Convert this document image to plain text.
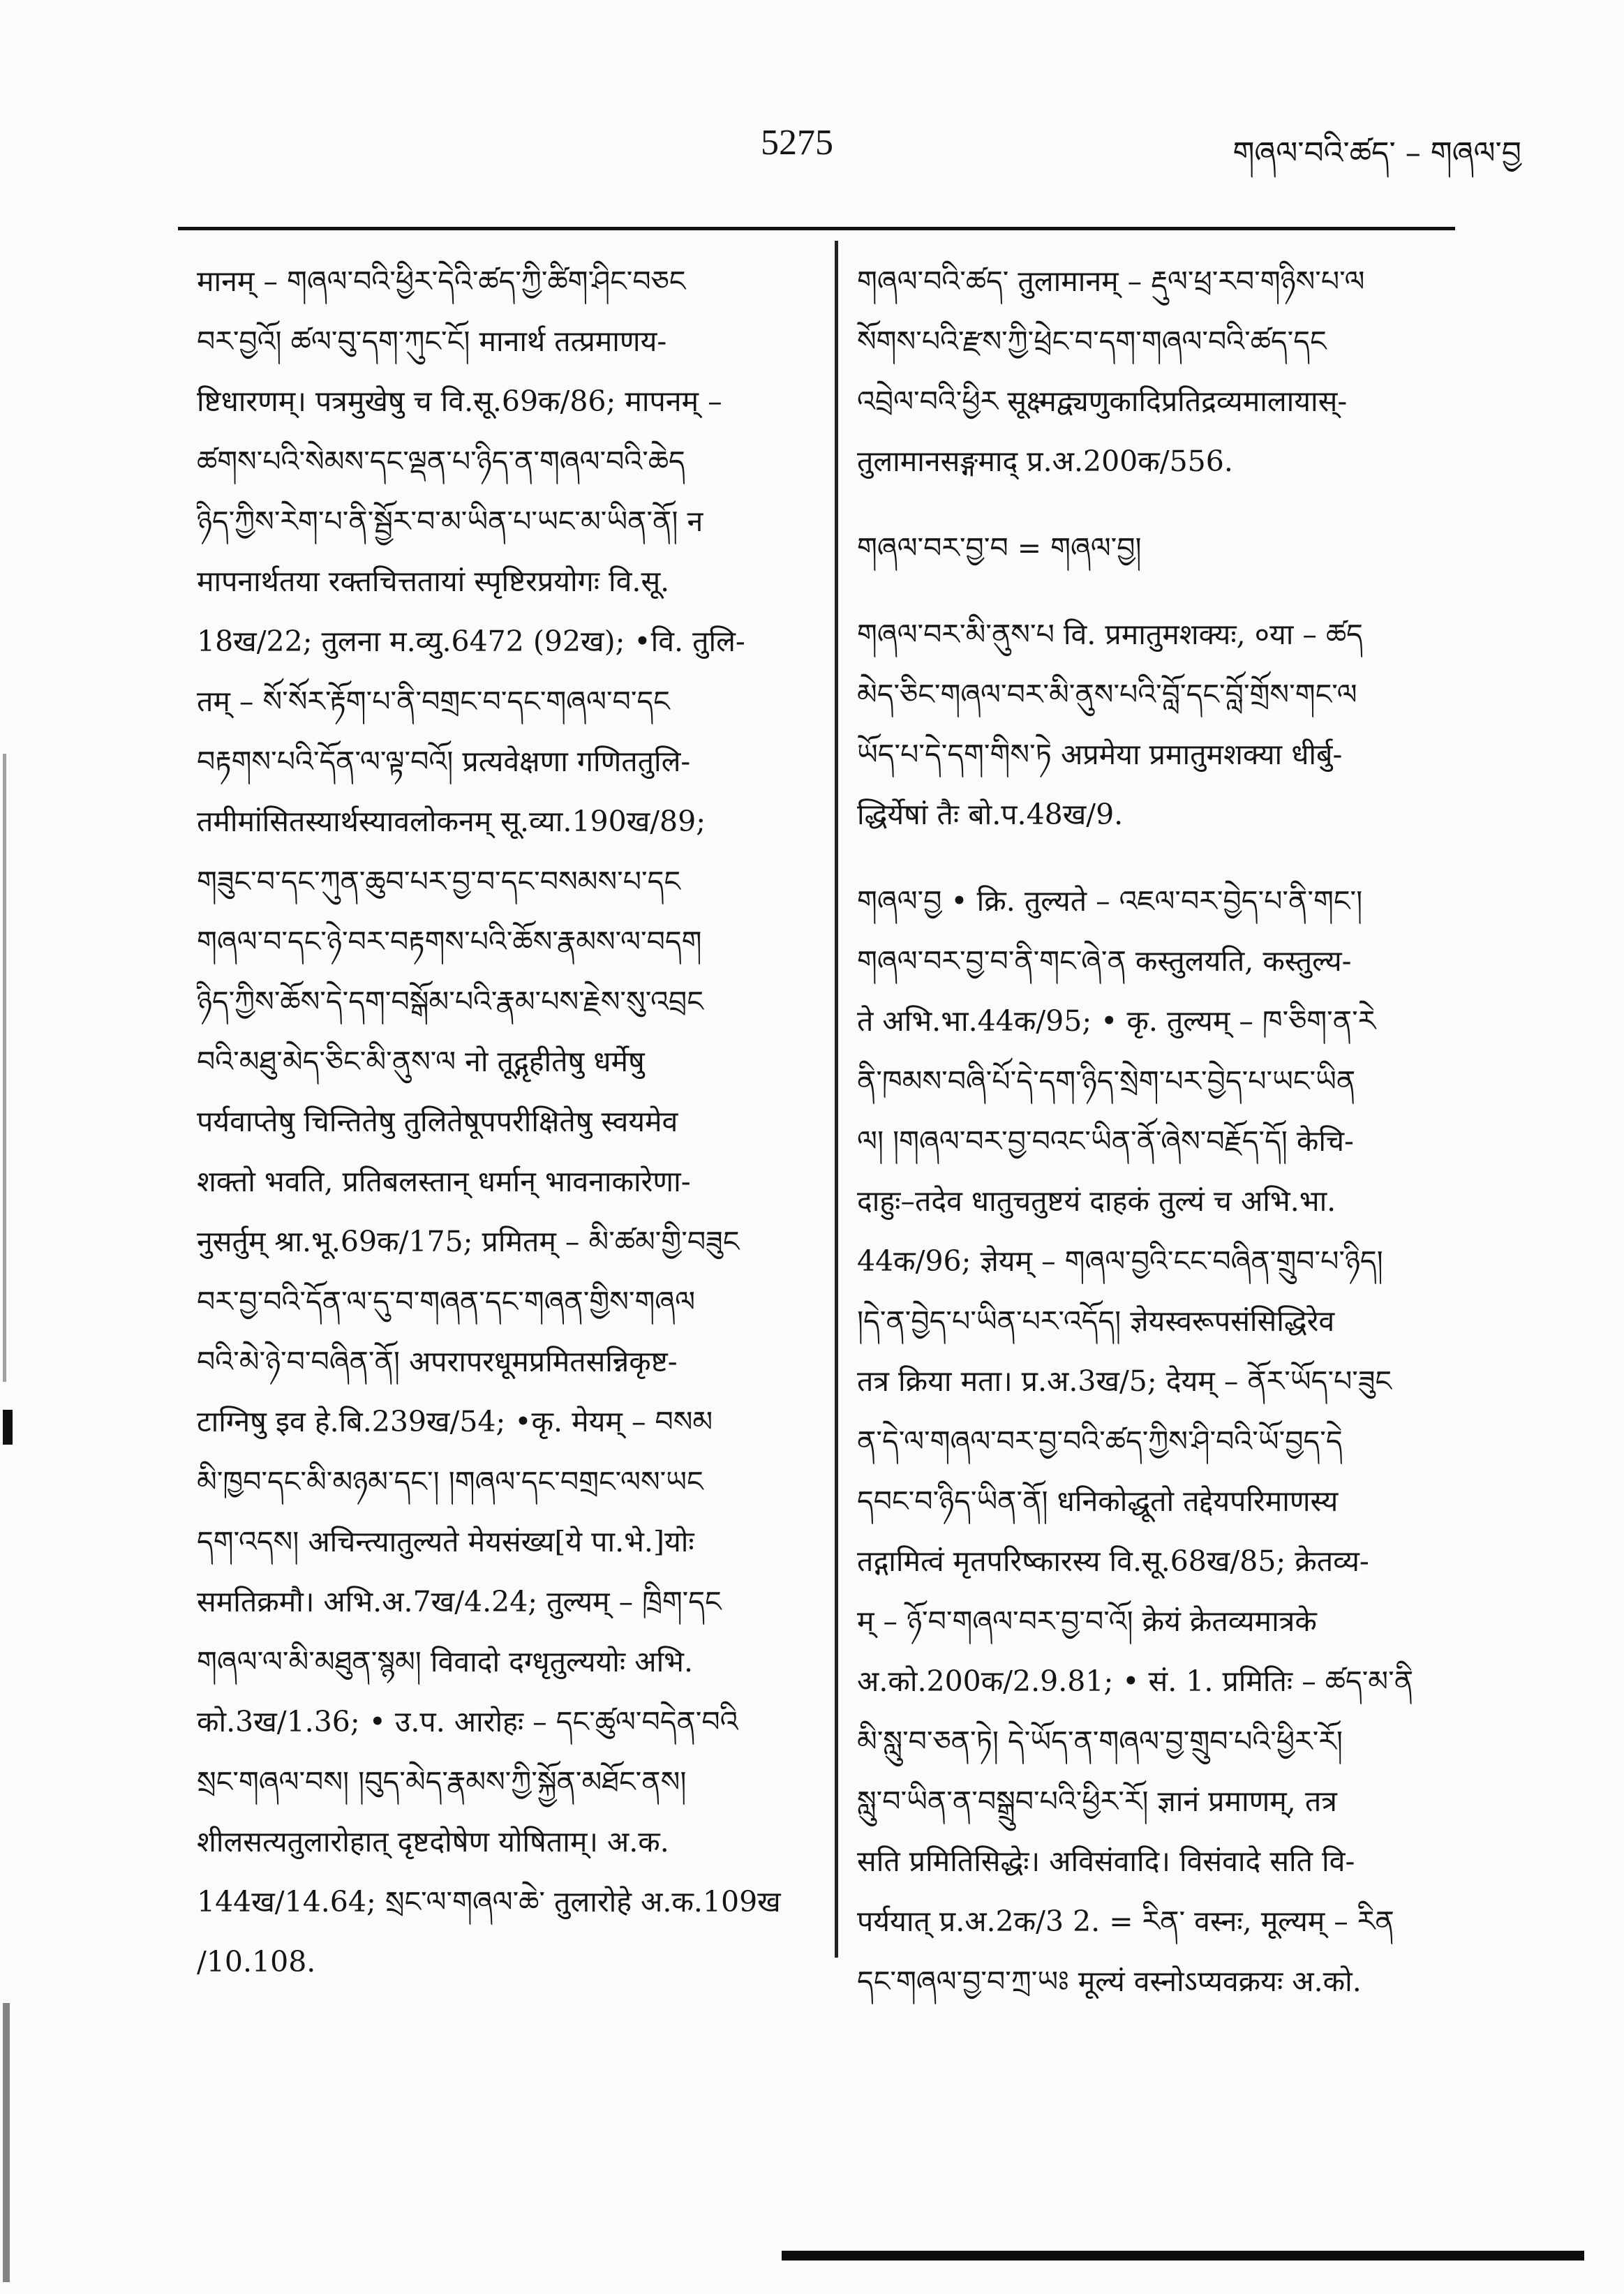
5275	གཞལ་བའི་ཚད་ – གཞལ་བྱ
मानम् – གཞལ་བའི་ཕྱིར་དེའི་ཚད་ཀྱི་ཚིག་ཤིང་བཅང
བར་བྱའོ། ཚལ་བུ་དག་ཀུང་ངོ། मानार्थ तत्प्रमाणय-
ष्टिधारणम्। पत्रमुखेषु च वि.सू.69क/86; मापनम् –
ཚགས་པའི་སེམས་དང་ལྡན་པ་ཉིད་ན་གཞལ་བའི་ཆེད
ཉིད་ཀྱིས་རེག་པ་ནི་སྦྱོར་བ་མ་ཡིན་པ་ཡང་མ་ཡིན་ནོ། न
मापनार्थतया रक्तचित्ततायां स्पृष्टिरप्रयोगः वि.सू.
18ख/22; तुलना म.व्यु.6472 (92ख); •वि. तुलि-
तम् – སོ་སོར་རྟོག་པ་ནི་བགྲང་བ་དང་གཞལ་བ་དང
བརྟགས་པའི་དོན་ལ་ལྟ་བའོ། प्रत्यवेक्षणा गणिततुलि-
तमीमांसितस्यार्थस्यावलोकनम् सू.व्या.190ख/89;
གཟུང་བ་དང་ཀུན་ཆུབ་པར་བྱ་བ་དང་བསམས་པ་དང
གཞལ་བ་དང་ཉེ་བར་བརྟགས་པའི་ཆོས་རྣམས་ལ་བདག
ཉིད་ཀྱིས་ཆོས་དེ་དག་བསྒོམ་པའི་རྣམ་པས་རྗེས་སུ་འབྲང
བའི་མཐུ་མེད་ཅིང་མི་ནུས་ལ नो तूद्गृहीतेषु धर्मेषु
पर्यवाप्तेषु चिन्तितेषु तुलितेषूपपरीक्षितेषु स्वयमेव
शक्तो भवति, प्रतिबलस्तान् धर्मान् भावनाकारेणा-
नुसर्तुम् श्रा.भू.69क/175; प्रमितम् – མི་ཚམ་གྱི་བཟུང
བར་བྱ་བའི་དོན་ལ་དུ་བ་གཞན་དང་གཞན་གྱིས་གཞལ
བའི་མེ་ཉེ་བ་བཞིན་ནོ། अपरापरधूमप्रमितसन्निकृष्ट-
टाग्निषु इव हे.बि.239ख/54; •कृ. मेयम् – བསམ
མི་ཁྱབ་དང་མི་མཉམ་དང་། །གཞལ་དང་བགྲང་ལས་ཡང
དག་འདས། अचिन्त्यातुल्यते मेयसंख्य[ये पा.भे.]योः
समतिक्रमौ। अभि.अ.7ख/4.24; तुल्यम् – ཁྲིག་དང
གཞལ་ལ་མི་མཐུན་སྙམ། विवादो दग्धृतुल्ययोः अभि.
को.3ख/1.36; • उ.प. आरोहः – དང་ཚུལ་བདེན་བའི
སྲང་གཞལ་བས། །བུད་མེད་རྣམས་ཀྱི་སྐྱོན་མཐོང་ནས།
शीलसत्यतुलारोहात् दृष्टदोषेण योषिताम्। अ.क.
144ख/14.64; སྲང་ལ་གཞལ་ཆེ་ तुलारोहे अ.क.109ख
/10.108.
གཞལ་བའི་ཚད་ तुलामानम् – རྡུལ་ཕྲ་རབ་གཉིས་པ་ལ
སོགས་པའི་རྫས་ཀྱི་ཕྲེང་བ་དག་གཞལ་བའི་ཚད་དང
འབྲེལ་བའི་ཕྱིར सूक्ष्मद्व्यणुकादिप्रतिद्रव्यमालायास्-
तुलामानसङ्गमाद् प्र.अ.200क/556.
གཞལ་བར་བྱ་བ = གཞལ་བྱ།
གཞལ་བར་མི་ནུས་པ वि. प्रमातुमशक्यः, ०या – ཚད
མེད་ཅིང་གཞལ་བར་མི་ནུས་པའི་བློ་དང་བློ་གྲོས་གང་ལ
ཡོད་པ་དེ་དག་གིས་ཏེ अप्रमेया प्रमातुमशक्या धीर्बु-
द्धिर्येषां तैः बो.प.48ख/9.
གཞལ་བྱ • क्रि. तुल्यते – འཇལ་བར་བྱེད་པ་ནི་གང་།
གཞལ་བར་བྱ་བ་ནི་གང་ཞེ་ན कस्तुलयति, कस्तुल्य-
ते अभि.भा.44क/95; • कृ. तुल्यम् – ཁ་ཅིག་ན་རེ
ནི་ཁམས་བཞི་པོ་དེ་དག་ཉིད་སྲེག་པར་བྱེད་པ་ཡང་ཡིན
ལ། །གཞལ་བར་བྱ་བའང་ཡིན་ནོ་ཞེས་བརྗོད་དོ། केचि-
दाहुः–तदेव धातुचतुष्टयं दाहकं तुल्यं च अभि.भा.
44क/96; ज्ञेयम् – གཞལ་བྱའི་ངང་བཞིན་གྲུབ་པ་ཉིད།
།དེ་ན་བྱེད་པ་ཡིན་པར་འདོད། ज्ञेयस्वरूपसंसिद्धिरेव
तत्र क्रिया मता। प्र.अ.3ख/5; देयम् – ནོར་ཡོད་པ་ཟུང
ན་དེ་ལ་གཞལ་བར་བྱ་བའི་ཚད་ཀྱིས་ཤི་བའི་ཡོ་བྱད་དེ
དབང་བ་ཉིད་ཡིན་ནོ། धनिकोद्धूतो तद्देयपरिमाणस्य
तद्गामित्वं मृतपरिष्कारस्य वि.सू.68ख/85; क्रेतव्य-
म् – ཉོ་བ་གཞལ་བར་བྱ་བ་འོ། क्रेयं क्रेतव्यमात्रके
अ.को.200क/2.9.81; • सं. 1. प्रमितिः – ཚད་མ་ནི
མི་སླུ་བ་ཅན་ཏེ། དེ་ཡོད་ན་གཞལ་བྱ་གྲུབ་པའི་ཕྱིར་རོ།
སླུ་བ་ཡིན་ན་བསྒྲུབ་པའི་ཕྱིར་རོ། ज्ञानं प्रमाणम्, तत्र
सति प्रमितिसिद्धेः। अविसंवादि। विसंवादे सति वि-
पर्ययात् प्र.अ.2क/3 2. = རིན་ वस्नः, मूल्यम् – རིན
དང་གཞལ་བྱ་བ་ཀྲ་ཡཿ मूल्यं वस्नोऽप्यवक्रयः अ.को.
